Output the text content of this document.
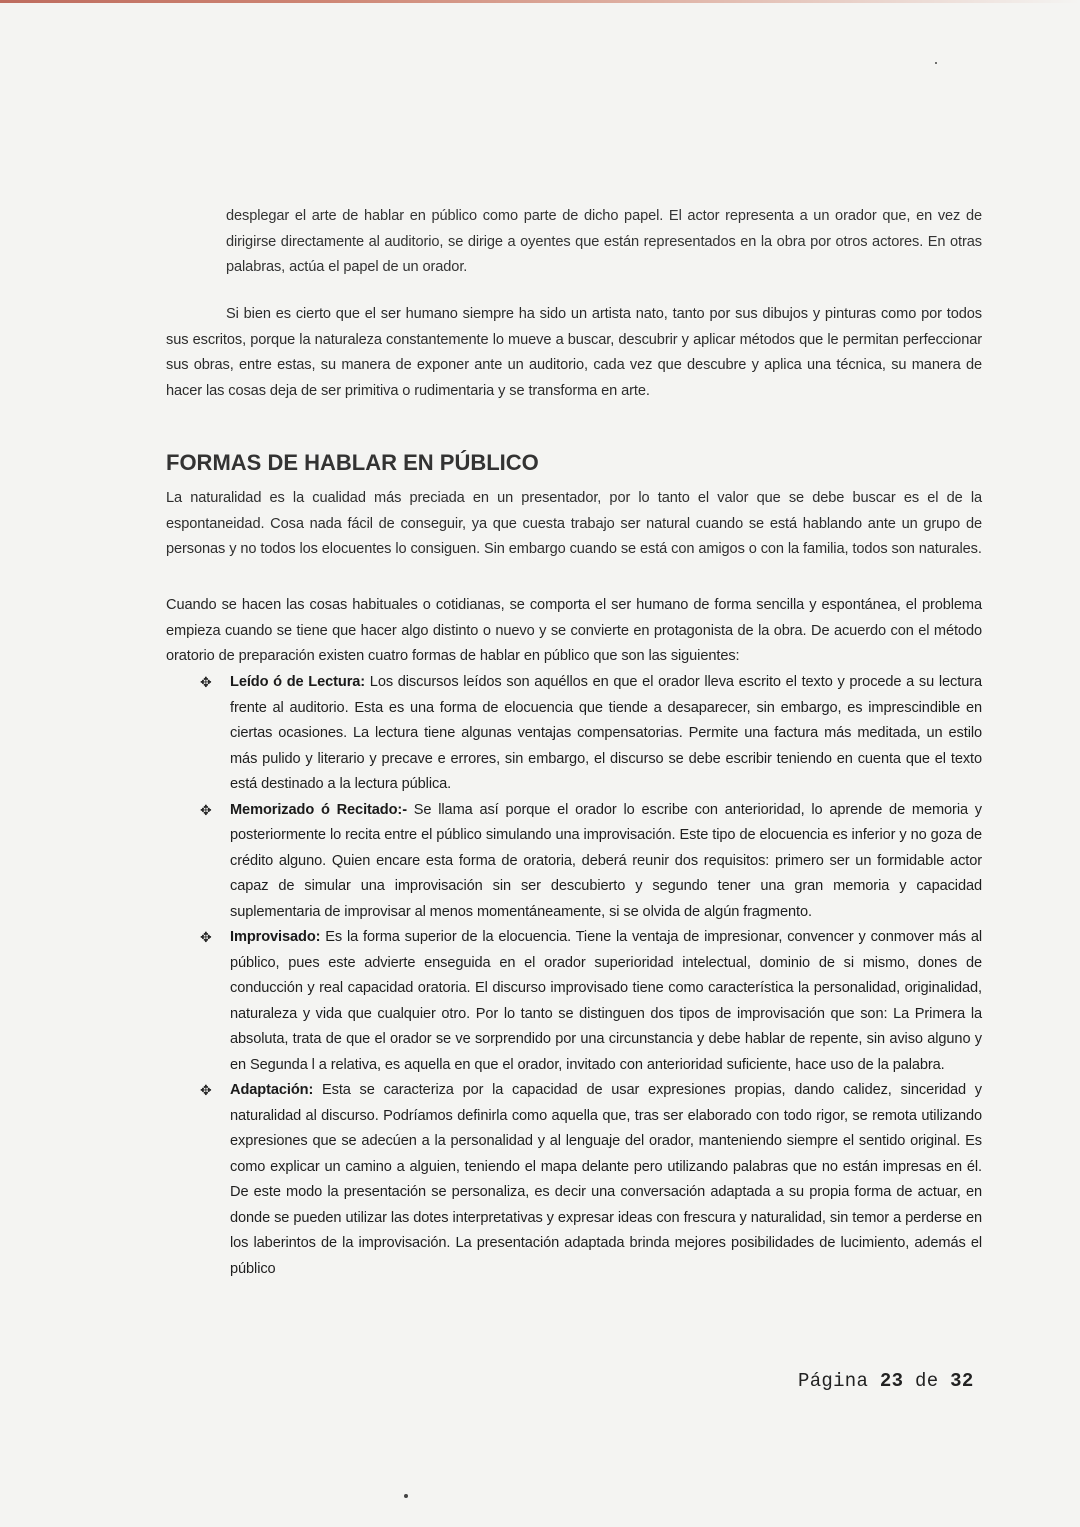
desplegar el arte de hablar en público como parte de dicho papel. El actor representa a un orador que, en vez de dirigirse directamente al auditorio, se dirige a oyentes que están representados en la obra por otros actores. En otras palabras, actúa el papel de un orador.

Si bien es cierto que el ser humano siempre ha sido un artista nato, tanto por sus dibujos y pinturas como por todos sus escritos, porque la naturaleza constantemente lo mueve a buscar, descubrir y aplicar métodos que le permitan perfeccionar sus obras, entre estas, su manera de exponer ante un auditorio, cada vez que descubre y aplica una técnica, su manera de hacer las cosas deja de ser primitiva o rudimentaria y se transforma en arte.

FORMAS DE HABLAR EN PÚBLICO

La naturalidad es la cualidad más preciada en un presentador, por lo tanto el valor que se debe buscar es el de la espontaneidad. Cosa nada fácil de conseguir, ya que cuesta trabajo ser natural cuando se está hablando ante un grupo de personas y no todos los elocuentes lo consiguen. Sin embargo cuando se está con amigos o con la familia, todos son naturales.

Cuando se hacen las cosas habituales o cotidianas, se comporta el ser humano de forma sencilla y espontánea, el problema empieza cuando se tiene que hacer algo distinto o nuevo y se convierte en protagonista de la obra. De acuerdo con el método oratorio de preparación existen cuatro formas de hablar en público que son las siguientes:

✥ Leído ó de Lectura: Los discursos leídos son aquéllos en que el orador lleva escrito el texto y procede a su lectura frente al auditorio. Esta es una forma de elocuencia que tiende a desaparecer, sin embargo, es imprescindible en ciertas ocasiones. La lectura tiene algunas ventajas compensatorias. Permite una factura más meditada, un estilo más pulido y literario y precave e errores, sin embargo, el discurso se debe escribir teniendo en cuenta que el texto está destinado a la lectura pública.
✥ Memorizado ó Recitado:- Se llama así porque el orador lo escribe con anterioridad, lo aprende de memoria y posteriormente lo recita entre el público simulando una improvisación. Este tipo de elocuencia es inferior y no goza de crédito alguno. Quien encare esta forma de oratoria, deberá reunir dos requisitos: primero ser un formidable actor capaz de simular una improvisación sin ser descubierto y segundo tener una gran memoria y capacidad suplementaria de improvisar al menos momentáneamente, si se olvida de algún fragmento.
✥ Improvisado: Es la forma superior de la elocuencia. Tiene la ventaja de impresionar, convencer y conmover más al público, pues este advierte enseguida en el orador superioridad intelectual, dominio de si mismo, dones de conducción y real capacidad oratoria. El discurso improvisado tiene como característica la personalidad, originalidad, naturaleza y vida que cualquier otro. Por lo tanto se distinguen dos tipos de improvisación que son: La Primera la absoluta, trata de que el orador se ve sorprendido por una circunstancia y debe hablar de repente, sin aviso alguno y en Segunda l a relativa, es aquella en que el orador, invitado con anterioridad suficiente, hace uso de la palabra.
✥ Adaptación: Esta se caracteriza por la capacidad de usar expresiones propias, dando calidez, sinceridad y naturalidad al discurso. Podríamos definirla como aquella que, tras ser elaborado con todo rigor, se remota utilizando expresiones que se adecúen a la personalidad y al lenguaje del orador, manteniendo siempre el sentido original. Es como explicar un camino a alguien, teniendo el mapa delante pero utilizando palabras que no están impresas en él. De este modo la presentación se personaliza, es decir una conversación adaptada a su propia forma de actuar, en donde se pueden utilizar las dotes interpretativas y expresar ideas con frescura y naturalidad, sin temor a perderse en los laberintos de la improvisación. La presentación adaptada brinda mejores posibilidades de lucimiento, además el público
Página 23 de 32
